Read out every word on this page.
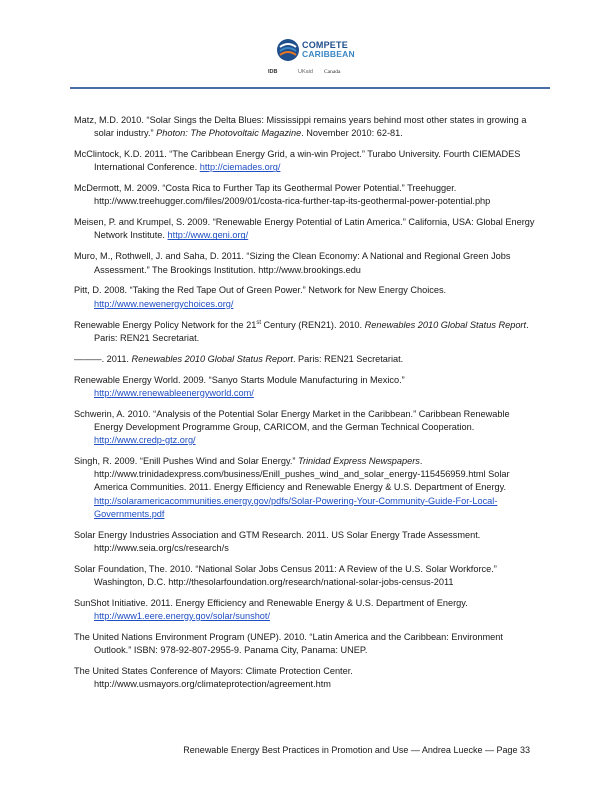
COMPETE
CARIBBEAN
IDB	UKaid Canada
Matz, M.D. 2010. “Solar Sings the Delta Blues: Mississippi remains years behind most other states in growing a solar industry.” Photon: The Photovoltaic Magazine. November 2010: 62-81.
McClintock, K.D. 2011. “The Caribbean Energy Grid, a win-win Project.” Turabo University. Fourth CIEMADES International Conference. http://ciemades.org/
McDermott, M. 2009. “Costa Rica to Further Tap its Geothermal Power Potential.” Treehugger. http://www.treehugger.com/files/2009/01/costa-rica-further-tap-its-geothermal-power-potential.php
Meisen, P. and Krumpel, S. 2009. “Renewable Energy Potential of Latin America.” California, USA: Global Energy Network Institute. http://www.geni.org/
Muro, M., Rothwell, J. and Saha, D. 2011. “Sizing the Clean Economy: A National and Regional Green Jobs Assessment.” The Brookings Institution. http://www.brookings.edu
Pitt, D. 2008. “Taking the Red Tape Out of Green Power.” Network for New Energy Choices. http://www.newenergychoices.org/
Renewable Energy Policy Network for the 21st Century (REN21). 2010. Renewables 2010 Global Status Report. Paris: REN21 Secretariat.
———. 2011. Renewables 2010 Global Status Report. Paris: REN21 Secretariat.
Renewable Energy World. 2009. “Sanyo Starts Module Manufacturing in Mexico.” http://www.renewableenergyworld.com/
Schwerin, A. 2010. “Analysis of the Potential Solar Energy Market in the Caribbean.” Caribbean Renewable Energy Development Programme Group, CARICOM, and the German Technical Cooperation. http://www.credp-gtz.org/
Singh, R. 2009. “Enill Pushes Wind and Solar Energy.” Trinidad Express Newspapers. http://www.trinidadexpress.com/business/Enill_pushes_wind_and_solar_energy-115456959.html Solar America Communities. 2011. Energy Efficiency and Renewable Energy & U.S. Department of Energy. http://solaramericacommunities.energy.gov/pdfs/Solar-Powering-Your-Community-Guide-For-Local-Governments.pdf
Solar Energy Industries Association and GTM Research. 2011. US Solar Energy Trade Assessment. http://www.seia.org/cs/research/s
Solar Foundation, The. 2010. “National Solar Jobs Census 2011: A Review of the U.S. Solar Workforce.” Washington, D.C. http://thesolarfoundation.org/research/national-solar-jobs-census-2011
SunShot Initiative. 2011. Energy Efficiency and Renewable Energy & U.S. Department of Energy. http://www1.eere.energy.gov/solar/sunshot/
The United Nations Environment Program (UNEP). 2010. “Latin America and the Caribbean: Environment Outlook.” ISBN: 978-92-807-2955-9. Panama City, Panama: UNEP.
The United States Conference of Mayors: Climate Protection Center. http://www.usmayors.org/climateprotection/agreement.htm
Renewable Energy Best Practices in Promotion and Use — Andrea Luecke — Page 33
